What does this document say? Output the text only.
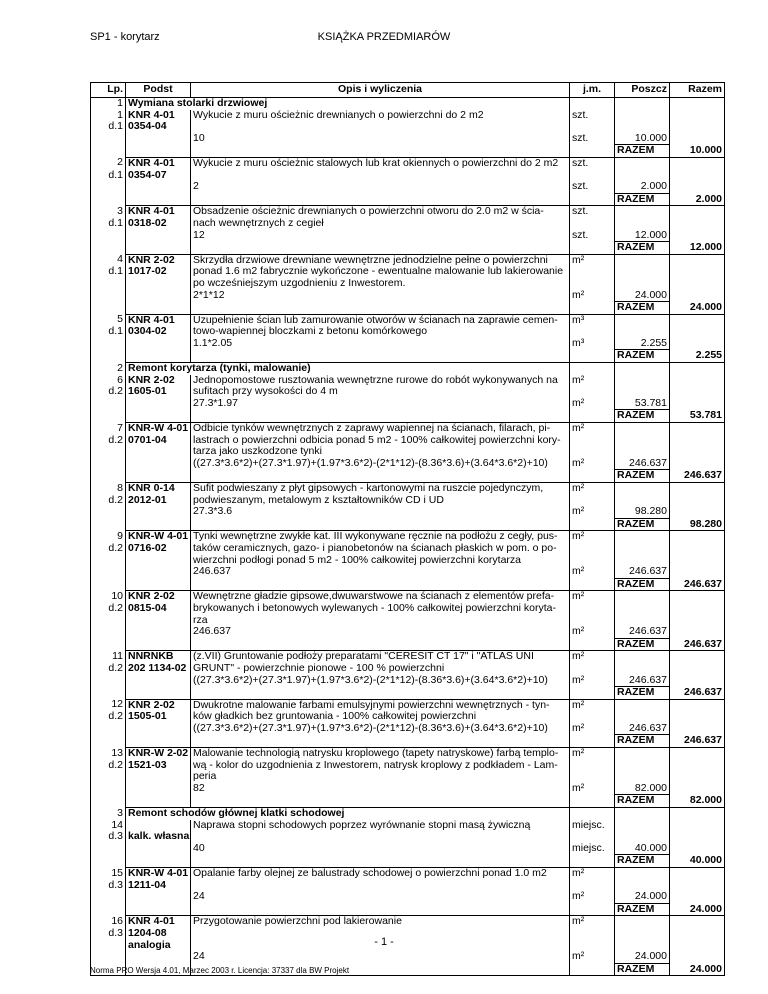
SP1 - korytarz	KSIĄŻKA PRZEDMIARÓW
Lp.	Podst	Opis i wyliczenia	j.m.	Poszcz	Razem
1	Wymiana stolarki drzwiowej				
1	KNR 4-01	Wykucie z muru ościeżnic drewnianych o powierzchni do 2 m2	szt.		
d.1	0354-04				
		10	szt.	10.000	
				RAZEM	10.000
2	KNR 4-01	Wykucie z muru ościeżnic stalowych lub krat okiennych o powierzchni do 2 m2	szt.		
d.1	0354-07				
		2	szt.	2.000	
				RAZEM	2.000
3	KNR 4-01	Obsadzenie ościeżnic drewnianych o powierzchni otworu do 2.0 m2 w ścia-	szt.		
d.1	0318-02	nach wewnętrznych z cegieł			
		12	szt.	12.000	
				RAZEM	12.000
4	KNR 2-02	Skrzydła drzwiowe drewniane wewnętrzne jednodzielne pełne o powierzchni	m²		
d.1	1017-02	ponad 1.6 m2 fabrycznie wykończone - ewentualne malowanie lub lakierowanie			
		po wcześniejszym uzgodnieniu z Inwestorem.			
		2*1*12	m²	24.000	
				RAZEM	24.000
5	KNR 4-01	Uzupełnienie ścian lub zamurowanie otworów w ścianach na zaprawie cemen-	m³		
d.1	0304-02	towo-wapiennej bloczkami z betonu komórkowego			
		1.1*2.05	m³	2.255	
				RAZEM	2.255
2	Remont korytarza (tynki, malowanie)				
6	KNR 2-02	Jednopomostowe rusztowania wewnętrzne rurowe do robót wykonywanych na	m²		
d.2	1605-01	sufitach przy wysokości do 4 m			
		27.3*1.97	m²	53.781	
				RAZEM	53.781
7	KNR-W 4-01	Odbicie tynków wewnętrznych z zaprawy wapiennej na ścianach, filarach, pi-	m²		
d.2	0701-04	lastrach o powierzchni odbicia ponad 5 m2 - 100% całkowitej powierzchni kory-			
		tarza jako uszkodzone tynki			
		((27.3*3.6*2)+(27.3*1.97)+(1.97*3.6*2)-(2*1*12)-(8.36*3.6)+(3.64*3.6*2)+10)	m²	246.637	
				RAZEM	246.637
8	KNR 0-14	Sufit podwieszany z płyt gipsowych - kartonowymi na ruszcie pojedynczym,	m²		
d.2	2012-01	podwieszanym, metalowym z kształtowników CD i UD			
		27.3*3.6	m²	98.280	
				RAZEM	98.280
9	KNR-W 4-01	Tynki wewnętrzne zwykłe kat. III wykonywane ręcznie na podłożu z cegły, pus-	m²		
d.2	0716-02	taków ceramicznych, gazo- i pianobetonów na ścianach płaskich w pom. o po-			
		wierzchni podłogi ponad 5 m2 - 100% całkowitej powierzchni korytarza			
		246.637	m²	246.637	
				RAZEM	246.637
10	KNR 2-02	Wewnętrzne gładzie gipsowe,dwuwarstwowe na ścianach z elementów prefa-	m²		
d.2	0815-04	brykowanych i betonowych wylewanych - 100% całkowitej powierzchni koryta-			
		rza			
		246.637	m²	246.637	
				RAZEM	246.637
11	NNRNKB	(z.VII) Gruntowanie podłoży preparatami "CERESIT CT 17" i "ATLAS UNI	m²		
d.2	202 1134-02	GRUNT" - powierzchnie pionowe - 100 % powierzchni			
		((27.3*3.6*2)+(27.3*1.97)+(1.97*3.6*2)-(2*1*12)-(8.36*3.6)+(3.64*3.6*2)+10)	m²	246.637	
				RAZEM	246.637
12	KNR 2-02	Dwukrotne malowanie farbami emulsyjnymi powierzchni wewnętrznych - tyn-	m²		
d.2	1505-01	ków gładkich bez gruntowania - 100% całkowitej powierzchni			
		((27.3*3.6*2)+(27.3*1.97)+(1.97*3.6*2)-(2*1*12)-(8.36*3.6)+(3.64*3.6*2)+10)	m²	246.637	
				RAZEM	246.637
13	KNR-W 2-02	Malowanie technologią natrysku kroplowego (tapety natryskowe) farbą templo-	m²		
d.2	1521-03	wą - kolor do uzgodnienia z Inwestorem, natrysk kroplowy z podkładem - Lam-			
		peria			
		82	m²	82.000	
				RAZEM	82.000
3	Remont schodów głównej klatki schodowej				
14		Naprawa stopni schodowych poprzez wyrównanie stopni masą żywiczną	miejsc.		
d.3	kalk. własna				
		40	miejsc.	40.000	
				RAZEM	40.000
15	KNR-W 4-01	Opalanie farby olejnej ze balustrady schodowej o powierzchni ponad 1.0 m2	m²		
d.3	1211-04				
		24	m²	24.000	
				RAZEM	24.000
16	KNR 4-01	Przygotowanie powierzchni pod lakierowanie	m²		
d.3	1204-08				
	analogia				
		24	m²	24.000	
				RAZEM	24.000
- 1 -
Norma PRO Wersja 4.01, Marzec 2003 r. Licencja: 37337 dla BW Projekt
